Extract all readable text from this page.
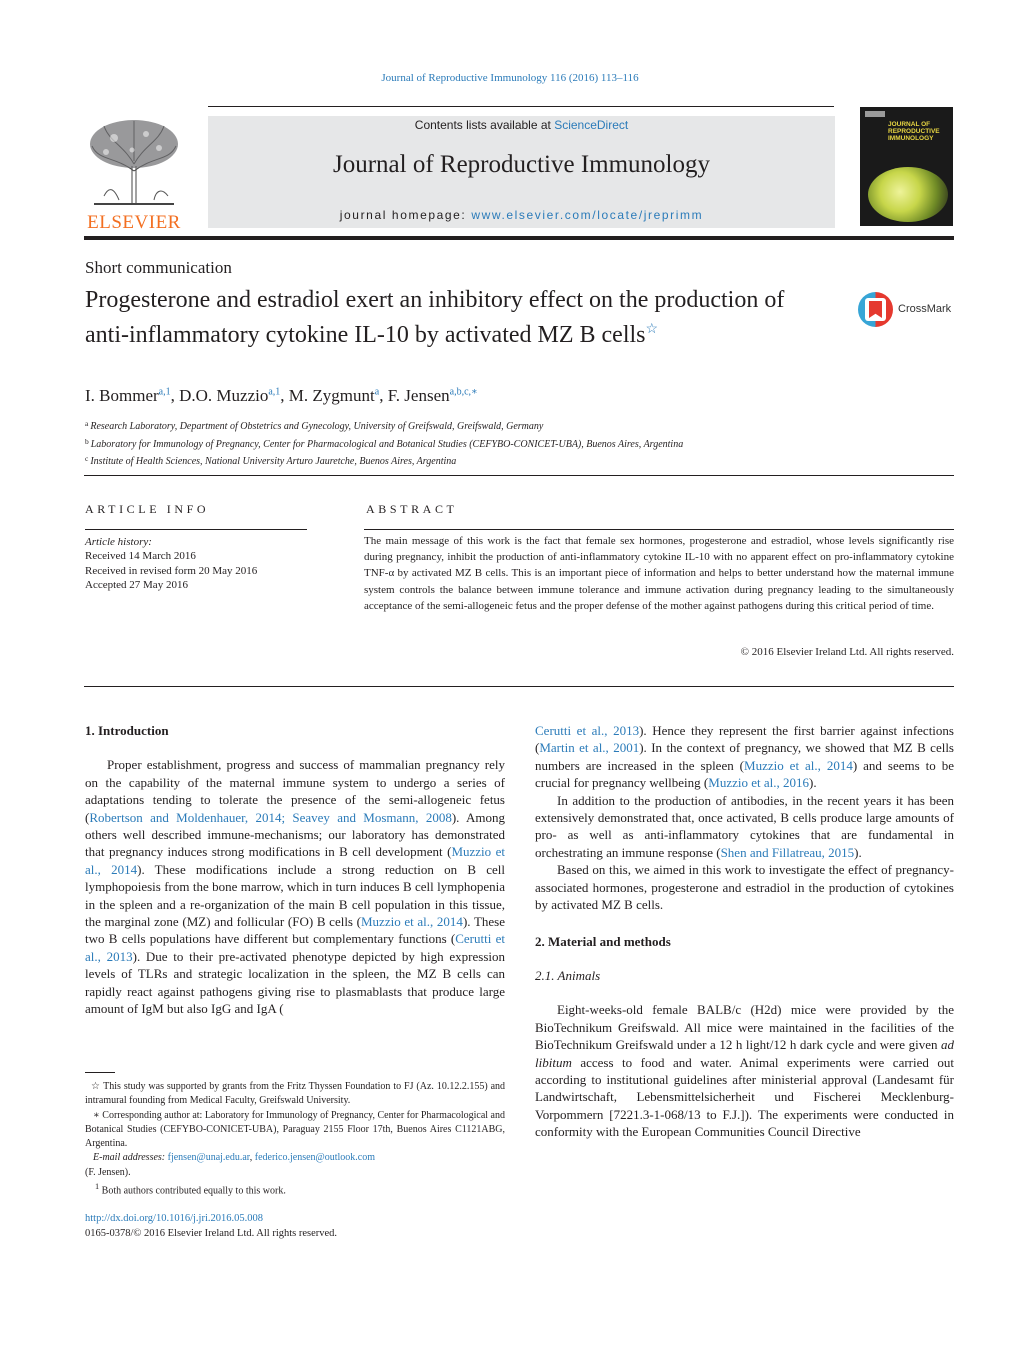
Journal of Reproductive Immunology 116 (2016) 113–116
ELSEVIER
Contents lists available at ScienceDirect
Journal of Reproductive Immunology
journal homepage: www.elsevier.com/locate/jreprimm
JOURNAL OF REPRODUCTIVE IMMUNOLOGY
Short communication
Progesterone and estradiol exert an inhibitory effect on the production of anti-inflammatory cytokine IL-10 by activated MZ B cells☆
CrossMark
I. Bommer$^{a,1}$, D.O. Muzzio$^{a,1}$, M. Zygmunt$^a$, F. Jensen$^{a,b,c,∗}$
$^a$ Research Laboratory, Department of Obstetrics and Gynecology, University of Greifswald, Greifswald, Germany
$^b$ Laboratory for Immunology of Pregnancy, Center for Pharmacological and Botanical Studies (CEFYBO-CONICET-UBA), Buenos Aires, Argentina
$^c$ Institute of Health Sciences, National University Arturo Jauretche, Buenos Aires, Argentina
ARTICLE INFO	ABSTRACT
Article history:
Received 14 March 2016
Received in revised form 20 May 2016
Accepted 27 May 2016
The main message of this work is the fact that female sex hormones, progesterone and estradiol, whose levels significantly rise during pregnancy, inhibit the production of anti-inflammatory cytokine IL-10 with no apparent effect on pro-inflammatory cytokine TNF-α by activated MZ B cells. This is an important piece of information and helps to better understand how the maternal immune system controls the balance between immune tolerance and immune activation during pregnancy leading to the simultaneously acceptance of the semi-allogeneic fetus and the proper defense of the mother against pathogens during this critical period of time.
© 2016 Elsevier Ireland Ltd. All rights reserved.
1. Introduction

Proper establishment, progress and success of mammalian pregnancy rely on the capability of the maternal immune system to undergo a series of adaptations tending to tolerate the presence of the semi-allogeneic fetus (Robertson and Moldenhauer, 2014; Seavey and Mosmann, 2008). Among others well described immune-mechanisms; our laboratory has demonstrated that pregnancy induces strong modifications in B cell development (Muzzio et al., 2014). These modifications include a strong reduction on B cell lymphopoiesis from the bone marrow, which in turn induces B cell lymphopenia in the spleen and a re-organization of the main B cell population in this tissue, the marginal zone (MZ) and follicular (FO) B cells (Muzzio et al., 2014). These two B cells populations have different but complementary functions (Cerutti et al., 2013). Due to their pre-activated phenotype depicted by high expression levels of TLRs and strategic localization in the spleen, the MZ B cells can rapidly react against pathogens giving rise to plasmablasts that produce large amount of IgM but also IgG and IgA (

Cerutti et al., 2013). Hence they represent the first barrier against infections (Martin et al., 2001). In the context of pregnancy, we showed that MZ B cells numbers are increased in the spleen (Muzzio et al., 2014) and seems to be crucial for pregnancy wellbeing (Muzzio et al., 2016).

In addition to the production of antibodies, in the recent years it has been extensively demonstrated that, once activated, B cells produce large amounts of pro- as well as anti-inflammatory cytokines that are fundamental in orchestrating an immune response (Shen and Fillatreau, 2015).

Based on this, we aimed in this work to investigate the effect of pregnancy-associated hormones, progesterone and estradiol in the production of cytokines by activated MZ B cells.

2. Material and methods
2.1. Animals

Eight-weeks-old female BALB/c (H2d) mice were provided by the BioTechnikum Greifswald. All mice were maintained in the facilities of the BioTechnikum Greifswald under a 12 h light/12 h dark cycle and were given ad libitum access to food and water. Animal experiments were carried out according to institutional guidelines after ministerial approval (Landesamt für Landwirtschaft, Lebensmittelsicherheit und Fischerei Mecklenburg-Vorpommern [7221.3-1-068/13 to F.J.]). The experiments were conducted in conformity with the European Communities Council Directive

☆ This study was supported by grants from the Fritz Thyssen Foundation to FJ (Az. 10.12.2.155) and intramural founding from Medical Faculty, Greifswald University.
∗ Corresponding author at: Laboratory for Immunology of Pregnancy, Center for Pharmacological and Botanical Studies (CEFYBO-CONICET-UBA), Paraguay 2155 Floor 17th, Buenos Aires C1121ABG, Argentina.
E-mail addresses: fjensen@unaj.edu.ar, federico.jensen@outlook.com
(F. Jensen).
$^1$ Both authors contributed equally to this work.
http://dx.doi.org/10.1016/j.jri.2016.05.008
0165-0378/© 2016 Elsevier Ireland Ltd. All rights reserved.
